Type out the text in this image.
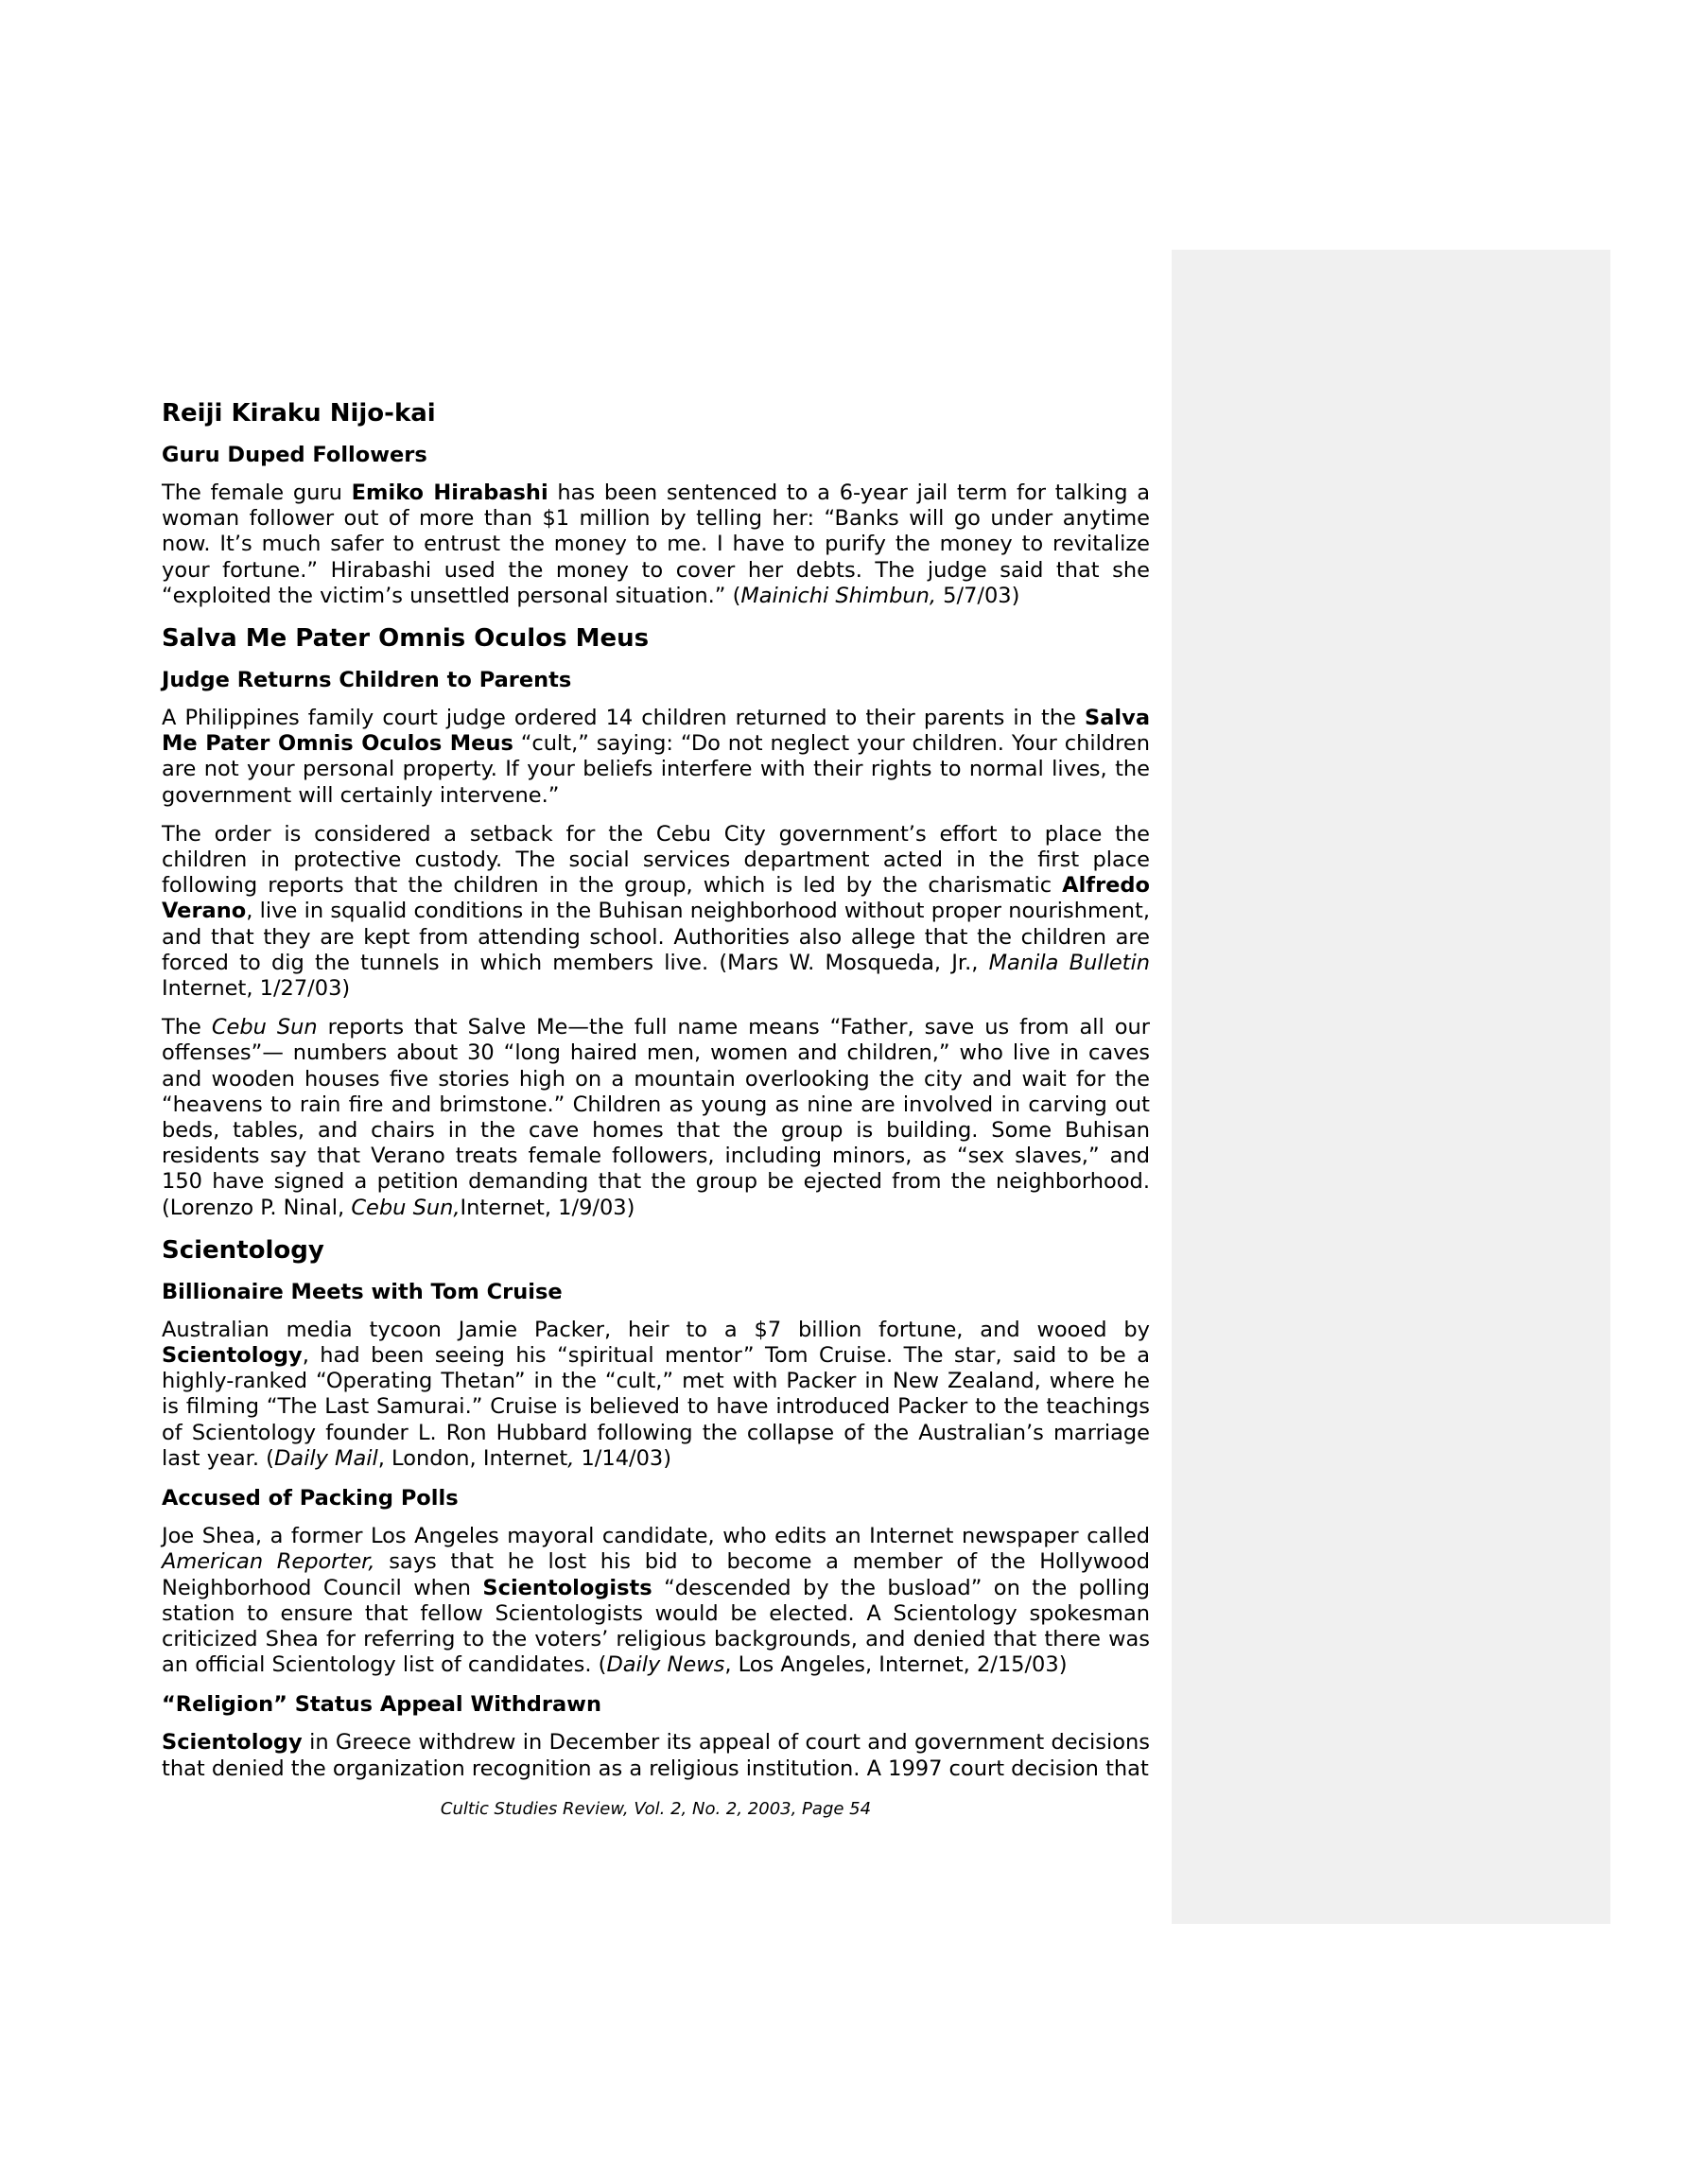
Reiji Kiraku Nijo-kai
Guru Duped Followers

The female guru Emiko Hirabashi has been sentenced to a 6-year jail term for talking a woman follower out of more than $1 million by telling her: “Banks will go under anytime now. It’s much safer to entrust the money to me. I have to purify the money to revitalize your fortune.” Hirabashi used the money to cover her debts. The judge said that she “exploited the victim’s unsettled personal situation.” (Mainichi Shimbun, 5/7/03)

Salva Me Pater Omnis Oculos Meus
Judge Returns Children to Parents

A Philippines family court judge ordered 14 children returned to their parents in the Salva Me Pater Omnis Oculos Meus “cult,” saying: “Do not neglect your children. Your children are not your personal property. If your beliefs interfere with their rights to normal lives, the government will certainly intervene.”

The order is considered a setback for the Cebu City government’s effort to place the children in protective custody. The social services department acted in the first place following reports that the children in the group, which is led by the charismatic Alfredo Verano, live in squalid conditions in the Buhisan neighborhood without proper nourishment, and that they are kept from attending school. Authorities also allege that the children are forced to dig the tunnels in which members live. (Mars W. Mosqueda, Jr., Manila Bulletin Internet, 1/27/03)

The Cebu Sun reports that Salve Me—the full name means “Father, save us from all our offenses”— numbers about 30 “long haired men, women and children,” who live in caves and wooden houses five stories high on a mountain overlooking the city and wait for the “heavens to rain fire and brimstone.” Children as young as nine are involved in carving out beds, tables, and chairs in the cave homes that the group is building. Some Buhisan residents say that Verano treats female followers, including minors, as “sex slaves,” and 150 have signed a petition demanding that the group be ejected from the neighborhood. (Lorenzo P. Ninal, Cebu Sun,Internet, 1/9/03)

Scientology
Billionaire Meets with Tom Cruise

Australian media tycoon Jamie Packer, heir to a $7 billion fortune, and wooed by Scientology, had been seeing his “spiritual mentor” Tom Cruise. The star, said to be a highly-ranked “Operating Thetan” in the “cult,” met with Packer in New Zealand, where he is filming “The Last Samurai.” Cruise is believed to have introduced Packer to the teachings of Scientology founder L. Ron Hubbard following the collapse of the Australian’s marriage last year. (Daily Mail, London, Internet, 1/14/03)

Accused of Packing Polls

Joe Shea, a former Los Angeles mayoral candidate, who edits an Internet newspaper called American Reporter, says that he lost his bid to become a member of the Hollywood Neighborhood Council when Scientologists “descended by the busload” on the polling station to ensure that fellow Scientologists would be elected. A Scientology spokesman criticized Shea for referring to the voters’ religious backgrounds, and denied that there was an official Scientology list of candidates. (Daily News, Los Angeles, Internet, 2/15/03)

“Religion” Status Appeal Withdrawn

Scientology in Greece withdrew in December its appeal of court and government decisions that denied the organization recognition as a religious institution. A 1997 court decision that

Cultic Studies Review, Vol. 2, No. 2, 2003, Page 54
